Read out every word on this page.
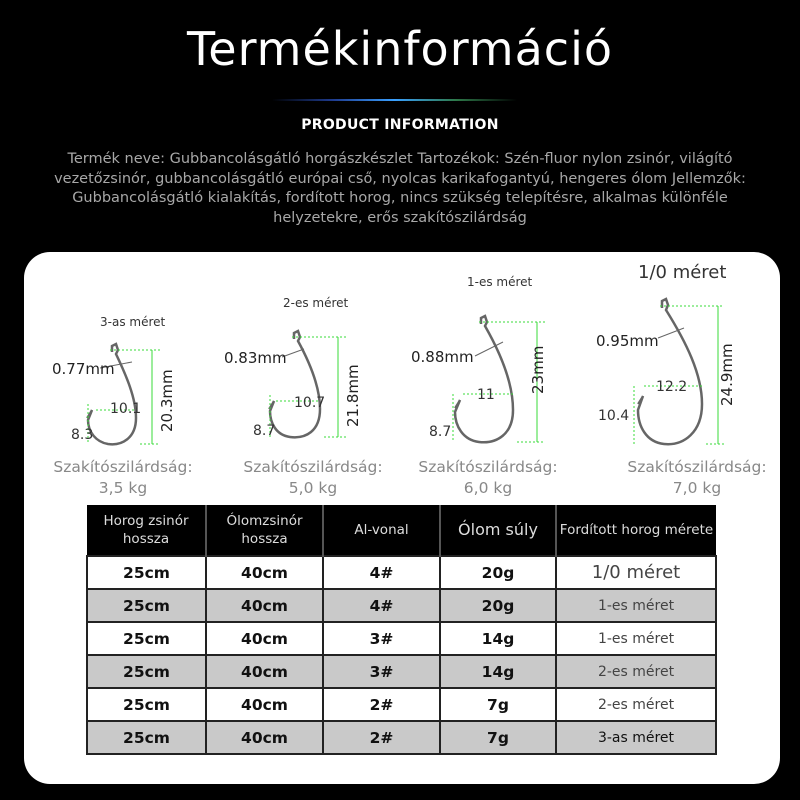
Termékinformáció
PRODUCT INFORMATION
Termék neve: Gubbancolásgátló horgászkészlet Tartozékok: Szén-fluor nylon zsinór, világító vezetőzsinór, gubbancolásgátló európai cső, nyolcas karikafogantyú, hengeres ólom Jellemzők: Gubbancolásgátló kialakítás, fordított horog, nincs szükség telepítésre, alkalmas különféle helyzetekre, erős szakítószilárdság
3-as méret
0.77mm
10.1
8.3
20.3mm
Szakítószilárdság:
3,5 kg
2-es méret
0.83mm
10.7
8.7
21.8mm
Szakítószilárdság:
5,0 kg
1-es méret
0.88mm
11
8.7
23mm
Szakítószilárdság:
6,0 kg
1/0 méret
0.95mm
12.2
10.4
24.9mm
Szakítószilárdság:
7,0 kg
Horog zsinór hossza	Ólomzsinór hossza	Al-vonal	Ólom súly	Fordított horog mérete
25cm	40cm	4#	20g	1/0 méret
25cm	40cm	4#	20g	1-es méret
25cm	40cm	3#	14g	1-es méret
25cm	40cm	3#	14g	2-es méret
25cm	40cm	2#	7g	2-es méret
25cm	40cm	2#	7g	3-as méret
